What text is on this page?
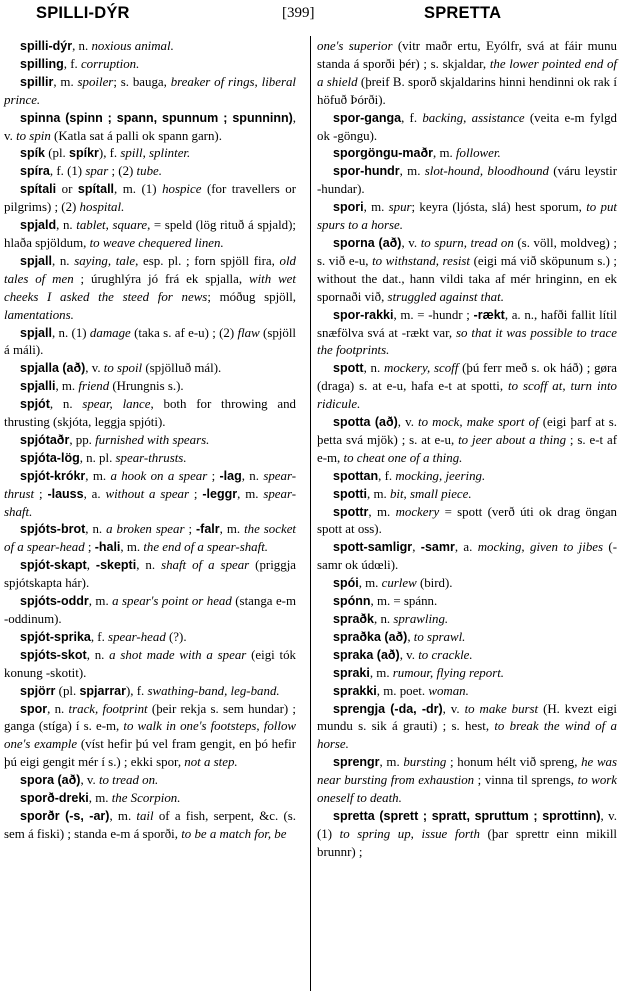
SPILLI-DÝR	[399]	SPRETTA

spilli-dýr, n. noxious animal.

spilling, f. corruption.

spillir, m. spoiler; s. bauga, breaker of rings, liberal prince.

spinna (spinn ; spann, spunnum ; spunninn), v. to spin (Katla sat á palli ok spann garn).

spík (pl. spíkr), f. spill, splinter.

spíra, f. (1) spar ; (2) tube.

spítali or spítall, m. (1) hospice (for travellers or pilgrims) ; (2) hospital.

spjald, n. tablet, square, = speld (lög rituð á spjald); hlaða spjöldum, to weave chequered linen.

spjall, n. saying, tale, esp. pl. ; forn spjöll fira, old tales of men ; úrughlýra jó frá ek spjalla, with wet cheeks I asked the steed for news; móðug spjöll, lamentations.

spjall, n. (1) damage (taka s. af e-u) ; (2) flaw (spjöll á máli).

spjalla (að), v. to spoil (spjölluð mál).

spjalli, m. friend (Hrungnis s.).

spjót, n. spear, lance, both for throwing and thrusting (skjóta, leggja spjóti).

spjótaðr, pp. furnished with spears.

spjóta-lög, n. pl. spear-thrusts.

spjót-krókr, m. a hook on a spear ; -lag, n. spear-thrust ; -lauss, a. without a spear ; -leggr, m. spear-shaft.

spjóts-brot, n. a broken spear ; -falr, m. the socket of a spear-head ; -hali, m. the end of a spear-shaft.

spjót-skapt, -skepti, n. shaft of a spear (priggja spjótskapta hár).

spjóts-oddr, m. a spear's point or head (stanga e-m -oddinum).

spjót-sprika, f. spear-head (?).

spjóts-skot, n. a shot made with a spear (eigi tók konung -skotit).

spjörr (pl. spjarrar), f. swathing-band, leg-band.

spor, n. track, footprint (þeir rekja s. sem hundar) ; ganga (stíga) í s. e-m, to walk in one's footsteps, follow one's example (víst hefir þú vel fram gengit, en þó hefir þú eigi gengit mér í s.) ; ekki spor, not a step.

spora (að), v. to tread on.

sporð-dreki, m. the Scorpion.

sporðr (-s, -ar), m. tail of a fish, serpent, &c. (s. sem á fiski) ; standa e-m á sporði, to be a match for, be

one's superior (vitr maðr ertu, Eyólfr, svá at fáir munu standa á sporði þér) ; s. skjaldar, the lower pointed end of a shield (þreif B. sporð skjaldarins hinni hendinni ok rak í höfuð Þórði).

spor-ganga, f. backing, assistance (veita e-m fylgd ok -göngu).

sporgöngu-maðr, m. follower.

spor-hundr, m. slot-hound, bloodhound (váru leystir -hundar).

spori, m. spur; keyra (ljósta, slá) hest sporum, to put spurs to a horse.

sporna (að), v. to spurn, tread on (s. völl, moldveg) ; s. við e-u, to withstand, resist (eigi má við sköpunum s.) ; without the dat., hann vildi taka af mér hringinn, en ek spornaði við, struggled against that.

spor-rakki, m. = -hundr ; -rækt, a. n., hafði fallit lítil snæfölva svá at -rækt var, so that it was possible to trace the footprints.

spott, n. mockery, scoff (þú ferr með s. ok háð) ; gøra (draga) s. at e-u, hafa e-t at spotti, to scoff at, turn into ridicule.

spotta (að), v. to mock, make sport of (eigi þarf at s. þetta svá mjök) ; s. at e-u, to jeer about a thing ; s. e-t af e-m, to cheat one of a thing.

spottan, f. mocking, jeering.

spotti, m. bit, small piece.

spottr, m. mockery = spott (verð úti ok drag öngan spott at oss).

spott-samligr, -samr, a. mocking, given to jibes (-samr ok údœli).

spói, m. curlew (bird).

spónn, m. = spánn.

spraðk, n. sprawling.

spraðka (að), to sprawl.

spraka (að), v. to crackle.

spraki, m. rumour, flying report.

sprakki, m. poet. woman.

sprengja (-da, -dr), v. to make burst (H. kvezt eigi mundu s. sik á grauti) ; s. hest, to break the wind of a horse.

sprengr, m. bursting ; honum hélt við spreng, he was near bursting from exhaustion ; vinna til sprengs, to work oneself to death.

spretta (sprett ; spratt, spruttum ; sprottinn), v. (1) to spring up, issue forth (þar sprettr einn mikill brunnr) ;
